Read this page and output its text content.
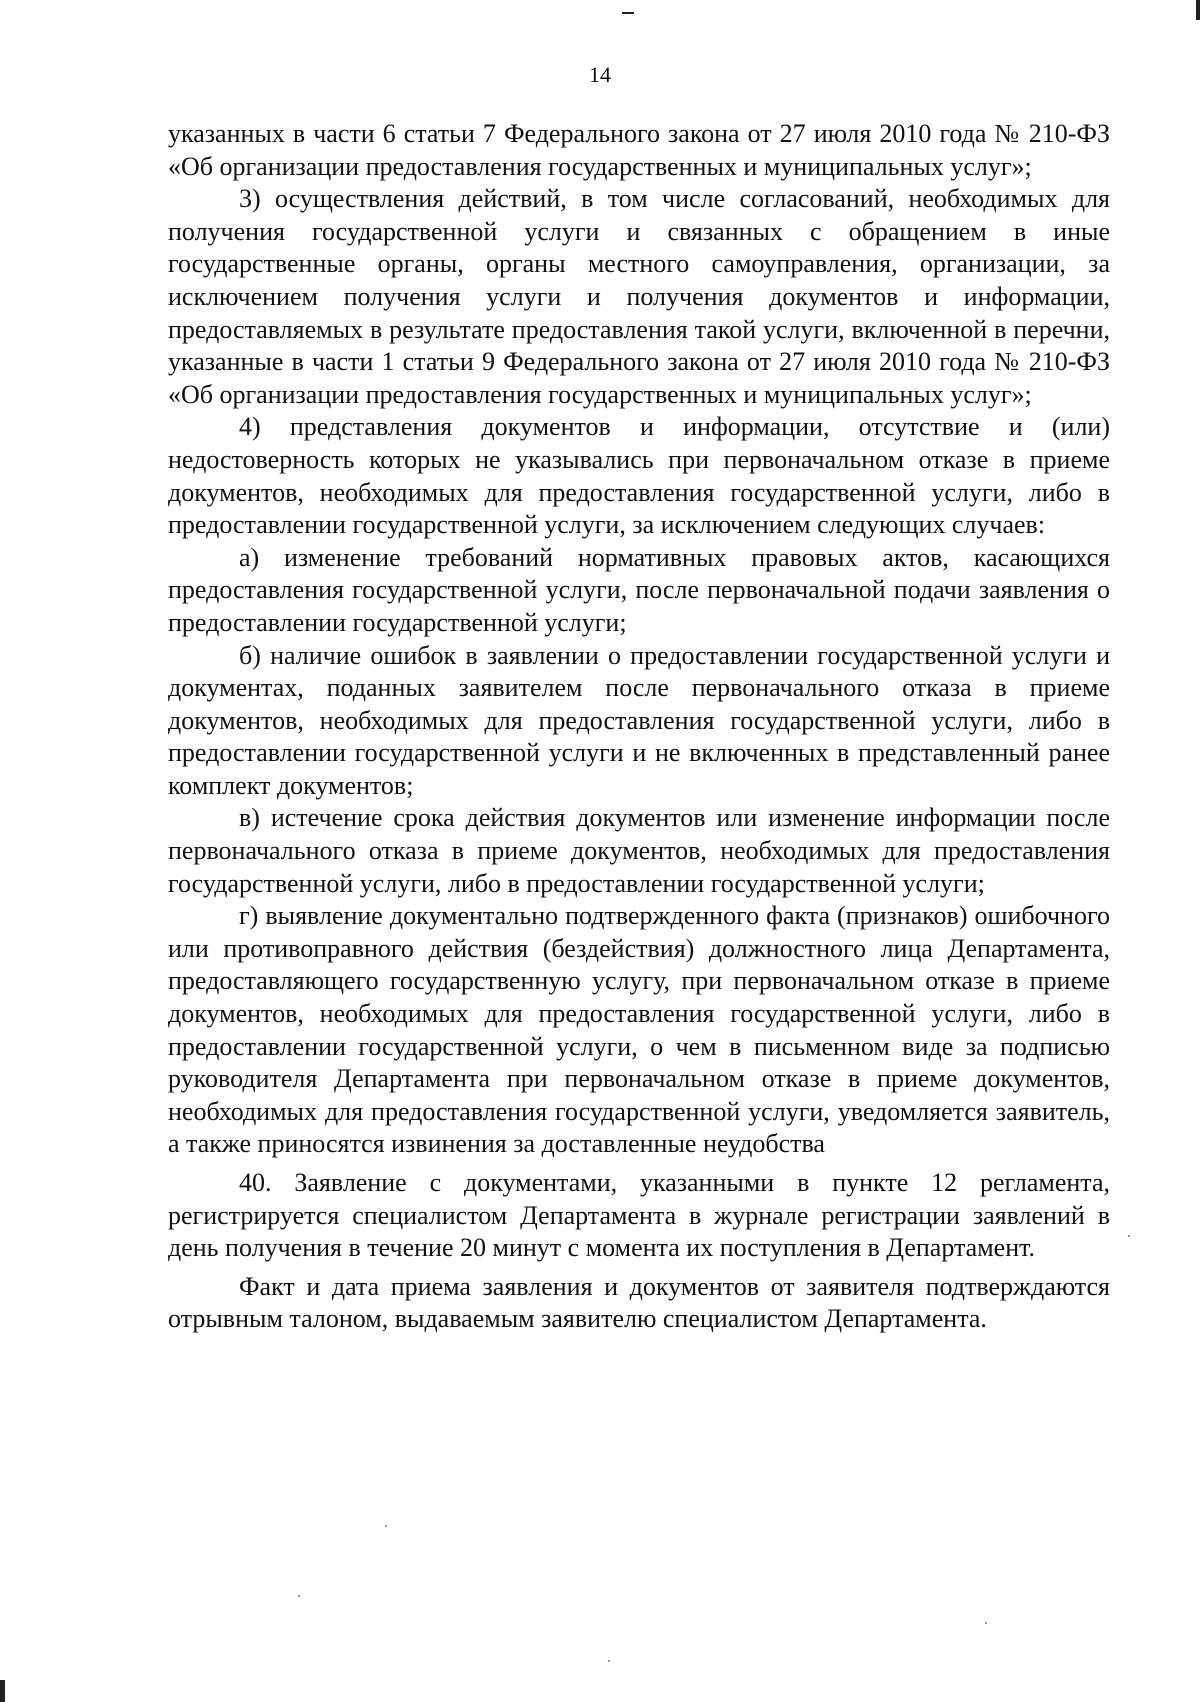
14

указанных в части 6 статьи 7 Федерального закона от 27 июля 2010 года № 210-ФЗ «Об организации предоставления государственных и муниципальных услуг»;

3) осуществления действий, в том числе согласований, необходимых для получения государственной услуги и связанных с обращением в иные государственные органы, органы местного самоуправления, организации, за исключением получения услуги и получения документов и информации, предоставляемых в результате предоставления такой услуги, включенной в перечни, указанные в части 1 статьи 9 Федерального закона от 27 июля 2010 года № 210-ФЗ «Об организации предоставления государственных и муниципальных услуг»;

4) представления документов и информации, отсутствие и (или) недостоверность которых не указывались при первоначальном отказе в приеме документов, необходимых для предоставления государственной услуги, либо в предоставлении государственной услуги, за исключением следующих случаев:

а) изменение требований нормативных правовых актов, касающихся предоставления государственной услуги, после первоначальной подачи заявления о предоставлении государственной услуги;

б) наличие ошибок в заявлении о предоставлении государственной услуги и документах, поданных заявителем после первоначального отказа в приеме документов, необходимых для предоставления государственной услуги, либо в предоставлении государственной услуги и не включенных в представленный ранее комплект документов;

в) истечение срока действия документов или изменение информации после первоначального отказа в приеме документов, необходимых для предоставления государственной услуги, либо в предоставлении государственной услуги;

г) выявление документально подтвержденного факта (признаков) ошибочного или противоправного действия (бездействия) должностного лица Департамента, предоставляющего государственную услугу, при первоначальном отказе в приеме документов, необходимых для предоставления государственной услуги, либо в предоставлении государственной услуги, о чем в письменном виде за подписью руководителя Департамента при первоначальном отказе в приеме документов, необходимых для предоставления государственной услуги, уведомляется заявитель, а также приносятся извинения за доставленные неудобства

40. Заявление с документами, указанными в пункте 12 регламента, регистрируется специалистом Департамента в журнале регистрации заявлений в день получения в течение 20 минут с момента их поступления в Департамент.

Факт и дата приема заявления и документов от заявителя подтверждаются отрывным талоном, выдаваемым заявителю специалистом Департамента.
